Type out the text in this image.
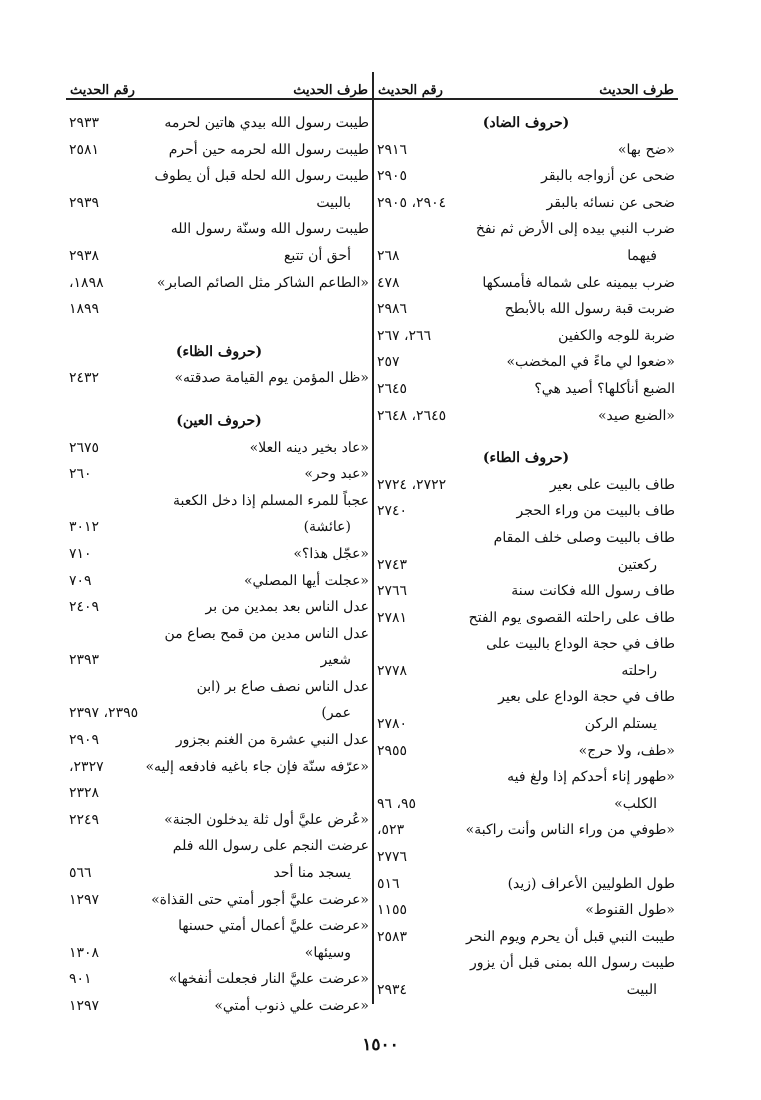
طرف الحديث
رقم الحديث
(حروف الضاد)
«ضح بها»
٢٩١٦
ضحى عن أزواجه بالبقر
٢٩٠٥
ضحى عن نسائه بالبقر
٢٩٠٤، ٢٩٠٥
ضرب النبي بيده إلى الأرض ثم نفخ
فيهما
٢٦٨
ضرب بيمينه على شماله فأمسكها
٤٧٨
ضربت قبة رسول الله بالأبطح
٢٩٨٦
ضربة للوجه والكفين
٢٦٦، ٢٦٧
«ضعوا لي ماءً في المخضب»
٢٥٧
الضبع أنأكلها؟ أصيد هي؟
٢٦٤٥
«الضبع صيد»
٢٦٤٥، ٢٦٤٨
(حروف الطاء)
طاف بالبيت على بعير
٢٧٢٢، ٢٧٢٤
طاف بالبيت من وراء الحجر
٢٧٤٠
طاف بالبيت وصلى خلف المقام
ركعتين
٢٧٤٣
طاف رسول الله فكانت سنة
٢٧٦٦
طاف على راحلته القصوى يوم الفتح
٢٧٨١
طاف في حجة الوداع بالبيت على
راحلته
٢٧٧٨
طاف في حجة الوداع على بعير
يستلم الركن
٢٧٨٠
«طف، ولا حرج»
٢٩٥٥
«طهور إناء أحدكم إذا ولغ فيه
الكلب»
٩٥، ٩٦
«طوفي من وراء الناس وأنت راكبة»
٥٢٣،
٢٧٧٦
طول الطوليين الأعراف (زيد)
٥١٦
«طول القنوط»
١١٥٥
طيبت النبي قبل أن يحرم ويوم النحر
٢٥٨٣
طيبت رسول الله بمنى قبل أن يزور
البيت
٢٩٣٤
طرف الحديث
رقم الحديث
طيبت رسول الله بيدي هاتين لحرمه
٢٩٣٣
طيبت رسول الله لحرمه حين أحرم
٢٥٨١
طيبت رسول الله لحله قبل أن يطوف
بالبيت
٢٩٣٩
طيبت رسول الله وسنّة رسول الله
أحق أن تتبع
٢٩٣٨
«الطاعم الشاكر مثل الصائم الصابر»
١٨٩٨،
١٨٩٩
(حروف الظاء)
«ظل المؤمن يوم القيامة صدقته»
٢٤٣٢
(حروف العين)
«عاد بخير دينه العلا»
٢٦٧٥
«عبد وحر»
٢٦٠
عجباً للمرء المسلم إذا دخل الكعبة
(عائشة)
٣٠١٢
«عجّل هذا؟»
٧١٠
«عجلت أيها المصلي»
٧٠٩
عدل الناس بعد بمدين من بر
٢٤٠٩
عدل الناس مدين من قمح بصاع من
شعير
٢٣٩٣
عدل الناس نصف صاع بر (ابن
عمر)
٢٣٩٥، ٢٣٩٧
عدل النبي عشرة من الغنم بجزور
٢٩٠٩
«عرّفه سنّة فإن جاء باغيه فادفعه إليه»
٢٣٢٧،
٢٣٢٨
«عُرض عليَّ أول ثلة يدخلون الجنة»
٢٢٤٩
عرضت النجم على رسول الله فلم
يسجد منا أحد
٥٦٦
«عرضت عليَّ أجور أمتي حتى القذاة»
١٢٩٧
«عرضت عليَّ أعمال أمتي حسنها
وسيئها»
١٣٠٨
«عرضت عليَّ النار فجعلت أنفخها»
٩٠١
«عرضت علي ذنوب أمتي»
١٢٩٧
١٥٠٠
